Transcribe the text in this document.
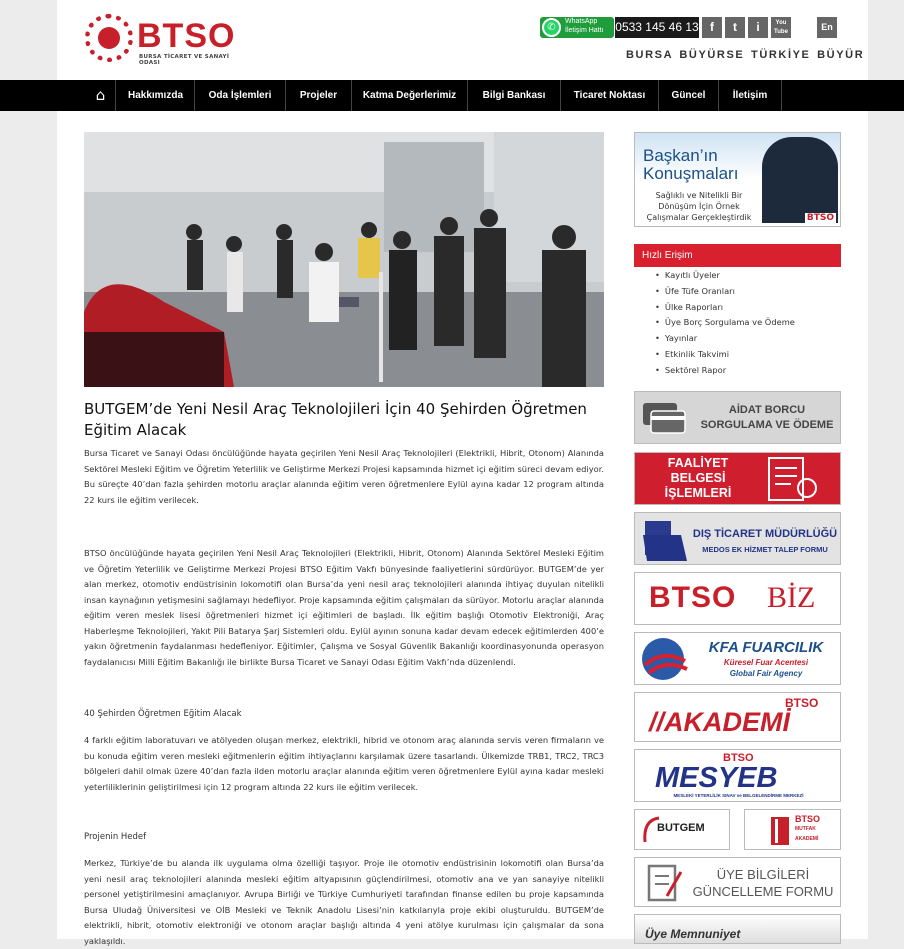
BTSO
BURSA TİCARET VE SANAYİ ODASI
✆
WhatsApp
İletişim Hattı 0533 145 46 13 f	t	i	You Tube	En
BURSA BÜYÜRSE TÜRKİYE BÜYÜR
⌂	Hakkımızda	Oda İşlemleri	Projeler	Katma Değerlerimiz	Bilgi Bankası	Ticaret Noktası	Güncel	İletişim
BUTGEM’de Yeni Nesil Araç Teknolojileri İçin 40 Şehirden Öğretmen Eğitim Alacak
Bursa Ticaret ve Sanayi Odası öncülüğünde hayata geçirilen Yeni Nesil Araç Teknolojileri (Elektrikli, Hibrit, Otonom) Alanında Sektörel Mesleki Eğitim ve Öğretim Yeterlilik ve Geliştirme Merkezi Projesi kapsamında hizmet içi eğitim süreci devam ediyor. Bu süreçte 40’dan fazla şehirden motorlu araçlar alanında eğitim veren öğretmenlere Eylül ayına kadar 12 program altında 22 kurs ile eğitim verilecek.
BTSO öncülüğünde hayata geçirilen Yeni Nesil Araç Teknolojileri (Elektrikli, Hibrit, Otonom) Alanında Sektörel Mesleki Eğitim ve Öğretim Yeterlilik ve Geliştirme Merkezi Projesi BTSO Eğitim Vakfı bünyesinde faaliyetlerini sürdürüyor. BUTGEM’de yer alan merkez, otomotiv endüstrisinin lokomotifi olan Bursa’da yeni nesil araç teknolojileri alanında ihtiyaç duyulan nitelikli insan kaynağının yetişmesini sağlamayı hedefliyor. Proje kapsamında eğitim çalışmaları da sürüyor. Motorlu araçlar alanında eğitim veren meslek lisesi öğretmenleri hizmet içi eğitimleri de başladı. İlk eğitim başlığı Otomotiv Elektroniği, Araç Haberleşme Teknolojileri, Yakıt Pili Batarya Şarj Sistemleri oldu. Eylül ayının sonuna kadar devam edecek eğitimlerden 400’e yakın öğretmenin faydalanması hedefleniyor. Eğitimler, Çalışma ve Sosyal Güvenlik Bakanlığı koordinasyonunda operasyon faydalanıcısı Milli Eğitim Bakanlığı ile birlikte Bursa Ticaret ve Sanayi Odası Eğitim Vakfı’nda düzenlendi.
40 Şehirden Öğretmen Eğitim Alacak
4 farklı eğitim laboratuvarı ve atölyeden oluşan merkez, elektrikli, hibrid ve otonom araç alanında servis veren firmaların ve bu konuda eğitim veren mesleki eğitmenlerin eğitim ihtiyaçlarını karşılamak üzere tasarlandı. Ülkemizde TRB1, TRC2, TRC3 bölgeleri dahil olmak üzere 40’dan fazla ilden motorlu araçlar alanında eğitim veren öğretmenlere Eylül ayına kadar mesleki yeterliliklerinin geliştirilmesi için 12 program altında 22 kurs ile eğitim verilecek.
Projenin Hedef
Merkez, Türkiye’de bu alanda ilk uygulama olma özelliği taşıyor. Proje ile otomotiv endüstrisinin lokomotifi olan Bursa’da yeni nesil araç teknolojileri alanında mesleki eğitim altyapısının güçlendirilmesi, otomotiv ana ve yan sanayiye nitelikli personel yetiştirilmesini amaçlanıyor. Avrupa Birliği ve Türkiye Cumhuriyeti tarafından finanse edilen bu proje kapsamında Bursa Uludağ Üniversitesi ve OİB Mesleki ve Teknik Anadolu Lisesi’nin katkılarıyla proje ekibi oluşturuldu. BUTGEM’de elektrikli, hibrit, otomotiv elektroniği ve otonom araçlar başlığı altında 4 yeni atölye kurulması için çalışmalar da sona yaklaşıldı.
Başkan’ın
Konuşmaları
Sağlıklı ve Nitelikli Bir Dönüşüm İçin Örnek Çalışmalar Gerçekleştirdik	BTSO
Hızlı Erişim
• Kayıtlı Üyeler
• Üfe Tüfe Oranları
• Ülke Raporları
• Üye Borç Sorgulama ve Ödeme
• Yayınlar
• Etkinlik Takvimi
• Sektörel Rapor
AİDAT BORCU
SORGULAMA VE ÖDEME
FAALİYET
BELGESİ
İŞLEMLERİ
DIŞ TİCARET MÜDÜRLÜĞÜ
MEDOS EK HİZMET TALEP FORMU
BTSO BİZ
KFA FUARCILIK
Küresel Fuar Acentesi
Global Fair Agency
BTSO
//AKADEMİ
BTSO
MESYEB
MESLEKİ YETERLİLİK SINAV ve BELGELENDİRME MERKEZİ
BUTGEM
BTSO
MUTFAK
AKADEMİ
ÜYE BİLGİLERİ
GÜNCELLEME FORMU
Üye Memnuniyet
